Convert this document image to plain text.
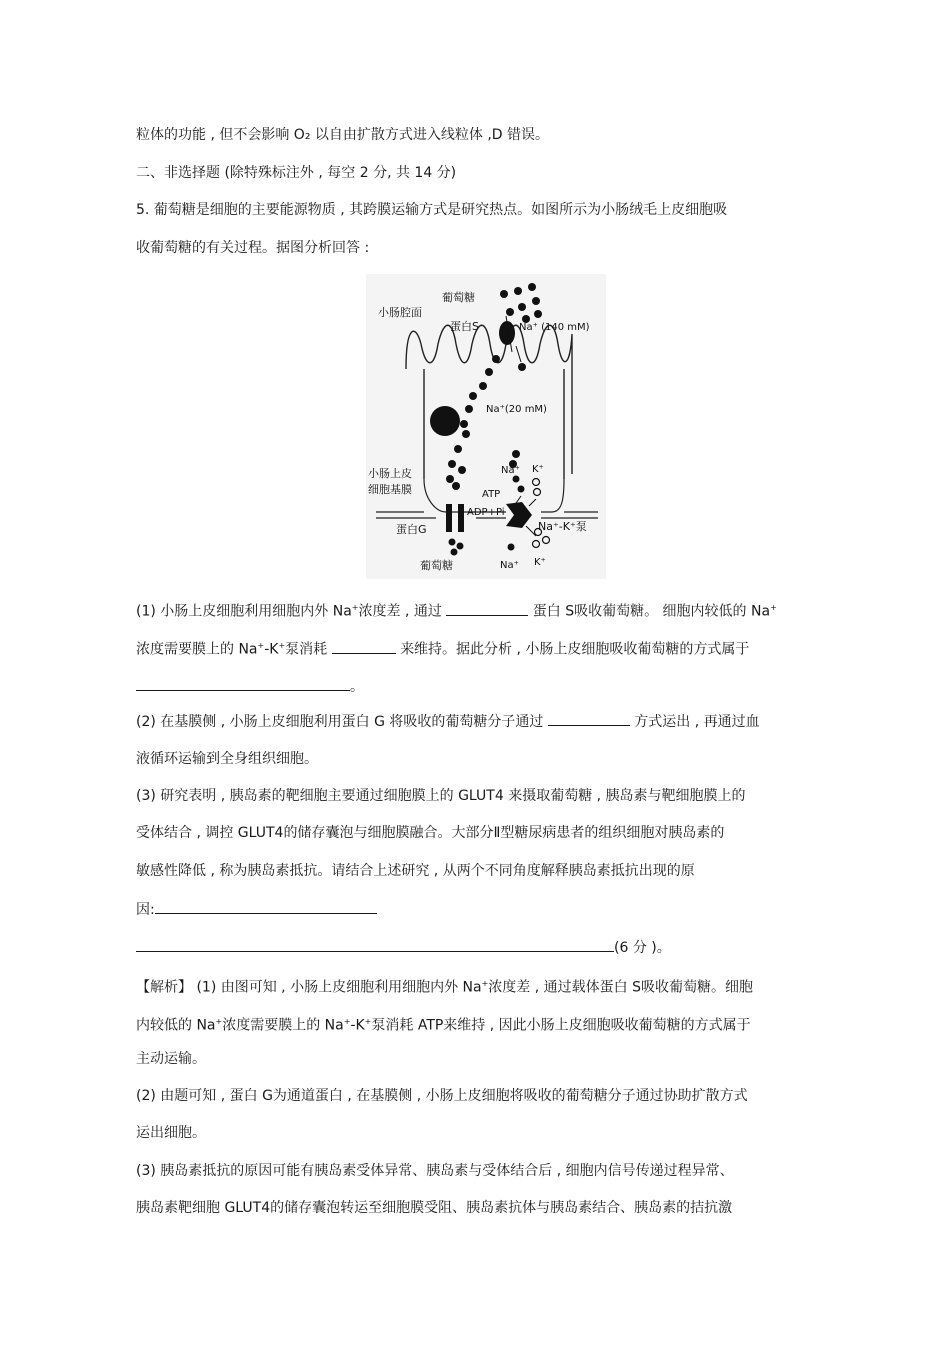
粒体的功能 , 但不会影响 O₂ 以自由扩散方式进入线粒体 ,D 错误。
二、非选择题 (除特殊标注外 , 每空 2 分, 共 14 分)
5. 葡萄糖是细胞的主要能源物质 , 其跨膜运输方式是研究热点。如图所示为小肠绒毛上皮细胞吸
收葡萄糖的有关过程。据图分析回答 :
小肠腔面
葡萄糖
蛋白S	Na⁺ (140 mM)
Na⁺(20 mM)
小肠上皮
细胞基膜
Na⁺ K⁺
ATP
ADP+Pi
蛋白G	Na⁺-K⁺泵
葡萄糖	Na⁺ K⁺
(1) 小肠上皮细胞利用细胞内外 Na+浓度差 , 通过	蛋白 S吸收葡萄糖。 细胞内较低的 Na+
浓度需要膜上的 Na+-K+泵消耗	来维持。据此分析 , 小肠上皮细胞吸收葡萄糖的方式属于
。
(2) 在基膜侧 , 小肠上皮细胞利用蛋白 G 将吸收的葡萄糖分子通过	方式运出 , 再通过血
液循环运输到全身组织细胞。
(3) 研究表明 , 胰岛素的靶细胞主要通过细胞膜上的 GLUT4 来摄取葡萄糖 , 胰岛素与靶细胞膜上的
受体结合 , 调控 GLUT4的储存囊泡与细胞膜融合。大部分Ⅱ型糖尿病患者的组织细胞对胰岛素的
敏感性降低 , 称为胰岛素抵抗。请结合上述研究 , 从两个不同角度解释胰岛素抵抗出现的原
因:
(6 分 )。
【解析】 (1) 由图可知 , 小肠上皮细胞利用细胞内外 Na+浓度差 , 通过载体蛋白 S吸收葡萄糖。细胞
内较低的 Na+浓度需要膜上的 Na+-K+泵消耗 ATP来维持 , 因此小肠上皮细胞吸收葡萄糖的方式属于
主动运输。
(2) 由题可知 , 蛋白 G为通道蛋白 , 在基膜侧 , 小肠上皮细胞将吸收的葡萄糖分子通过协助扩散方式
运出细胞。
(3) 胰岛素抵抗的原因可能有胰岛素受体异常、胰岛素与受体结合后 , 细胞内信号传递过程异常、
胰岛素靶细胞 GLUT4的储存囊泡转运至细胞膜受阻、胰岛素抗体与胰岛素结合、胰岛素的拮抗激
